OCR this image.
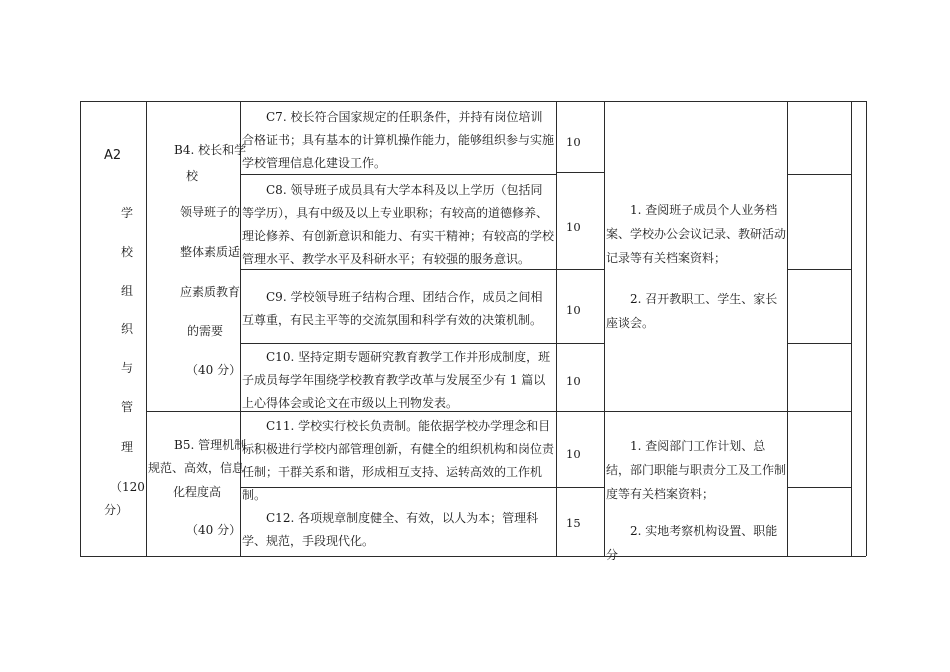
A2
学
校
组
织
与
管
理
（120
分）
B4. 校长和学
校
领导班子的
整体素质适
应素质教育
的需要
（40 分）
B5. 管理机制
规范、高效，信息
化程度高
（40 分）
C7. 校长符合国家规定的任职条件，并持有岗位培训合格证书；具有基本的计算机操作能力，能够组织参与实施学校管理信息化建设工作。
C8. 领导班子成员具有大学本科及以上学历（包括同等学历），具有中级及以上专业职称；有较高的道德修养、理论修养、有创新意识和能力、有实干精神；有较高的学校管理水平、教学水平及科研水平；有较强的服务意识。
C9. 学校领导班子结构合理、团结合作，成员之间相互尊重，有民主平等的交流氛围和科学有效的决策机制。
C10. 坚持定期专题研究教育教学工作并形成制度，班子成员每学年围绕学校教育教学改革与发展至少有 1 篇以上心得体会或论文在市级以上刊物发表。
C11. 学校实行校长负责制。能依据学校办学理念和目标积极进行学校内部管理创新，有健全的组织机构和岗位责任制；干群关系和谐，形成相互支持、运转高效的工作机制。
C12. 各项规章制度健全、有效，以人为本；管理科学、规范，手段现代化。
10
10
10
10
10
15
1. 查阅班子成员个人业务档案、学校办公会议记录、教研活动记录等有关档案资料；
2. 召开教职工、学生、家长座谈会。
1. 查阅部门工作计划、总结，部门职能与职责分工及工作制度等有关档案资料；
2. 实地考察机构设置、职能分
